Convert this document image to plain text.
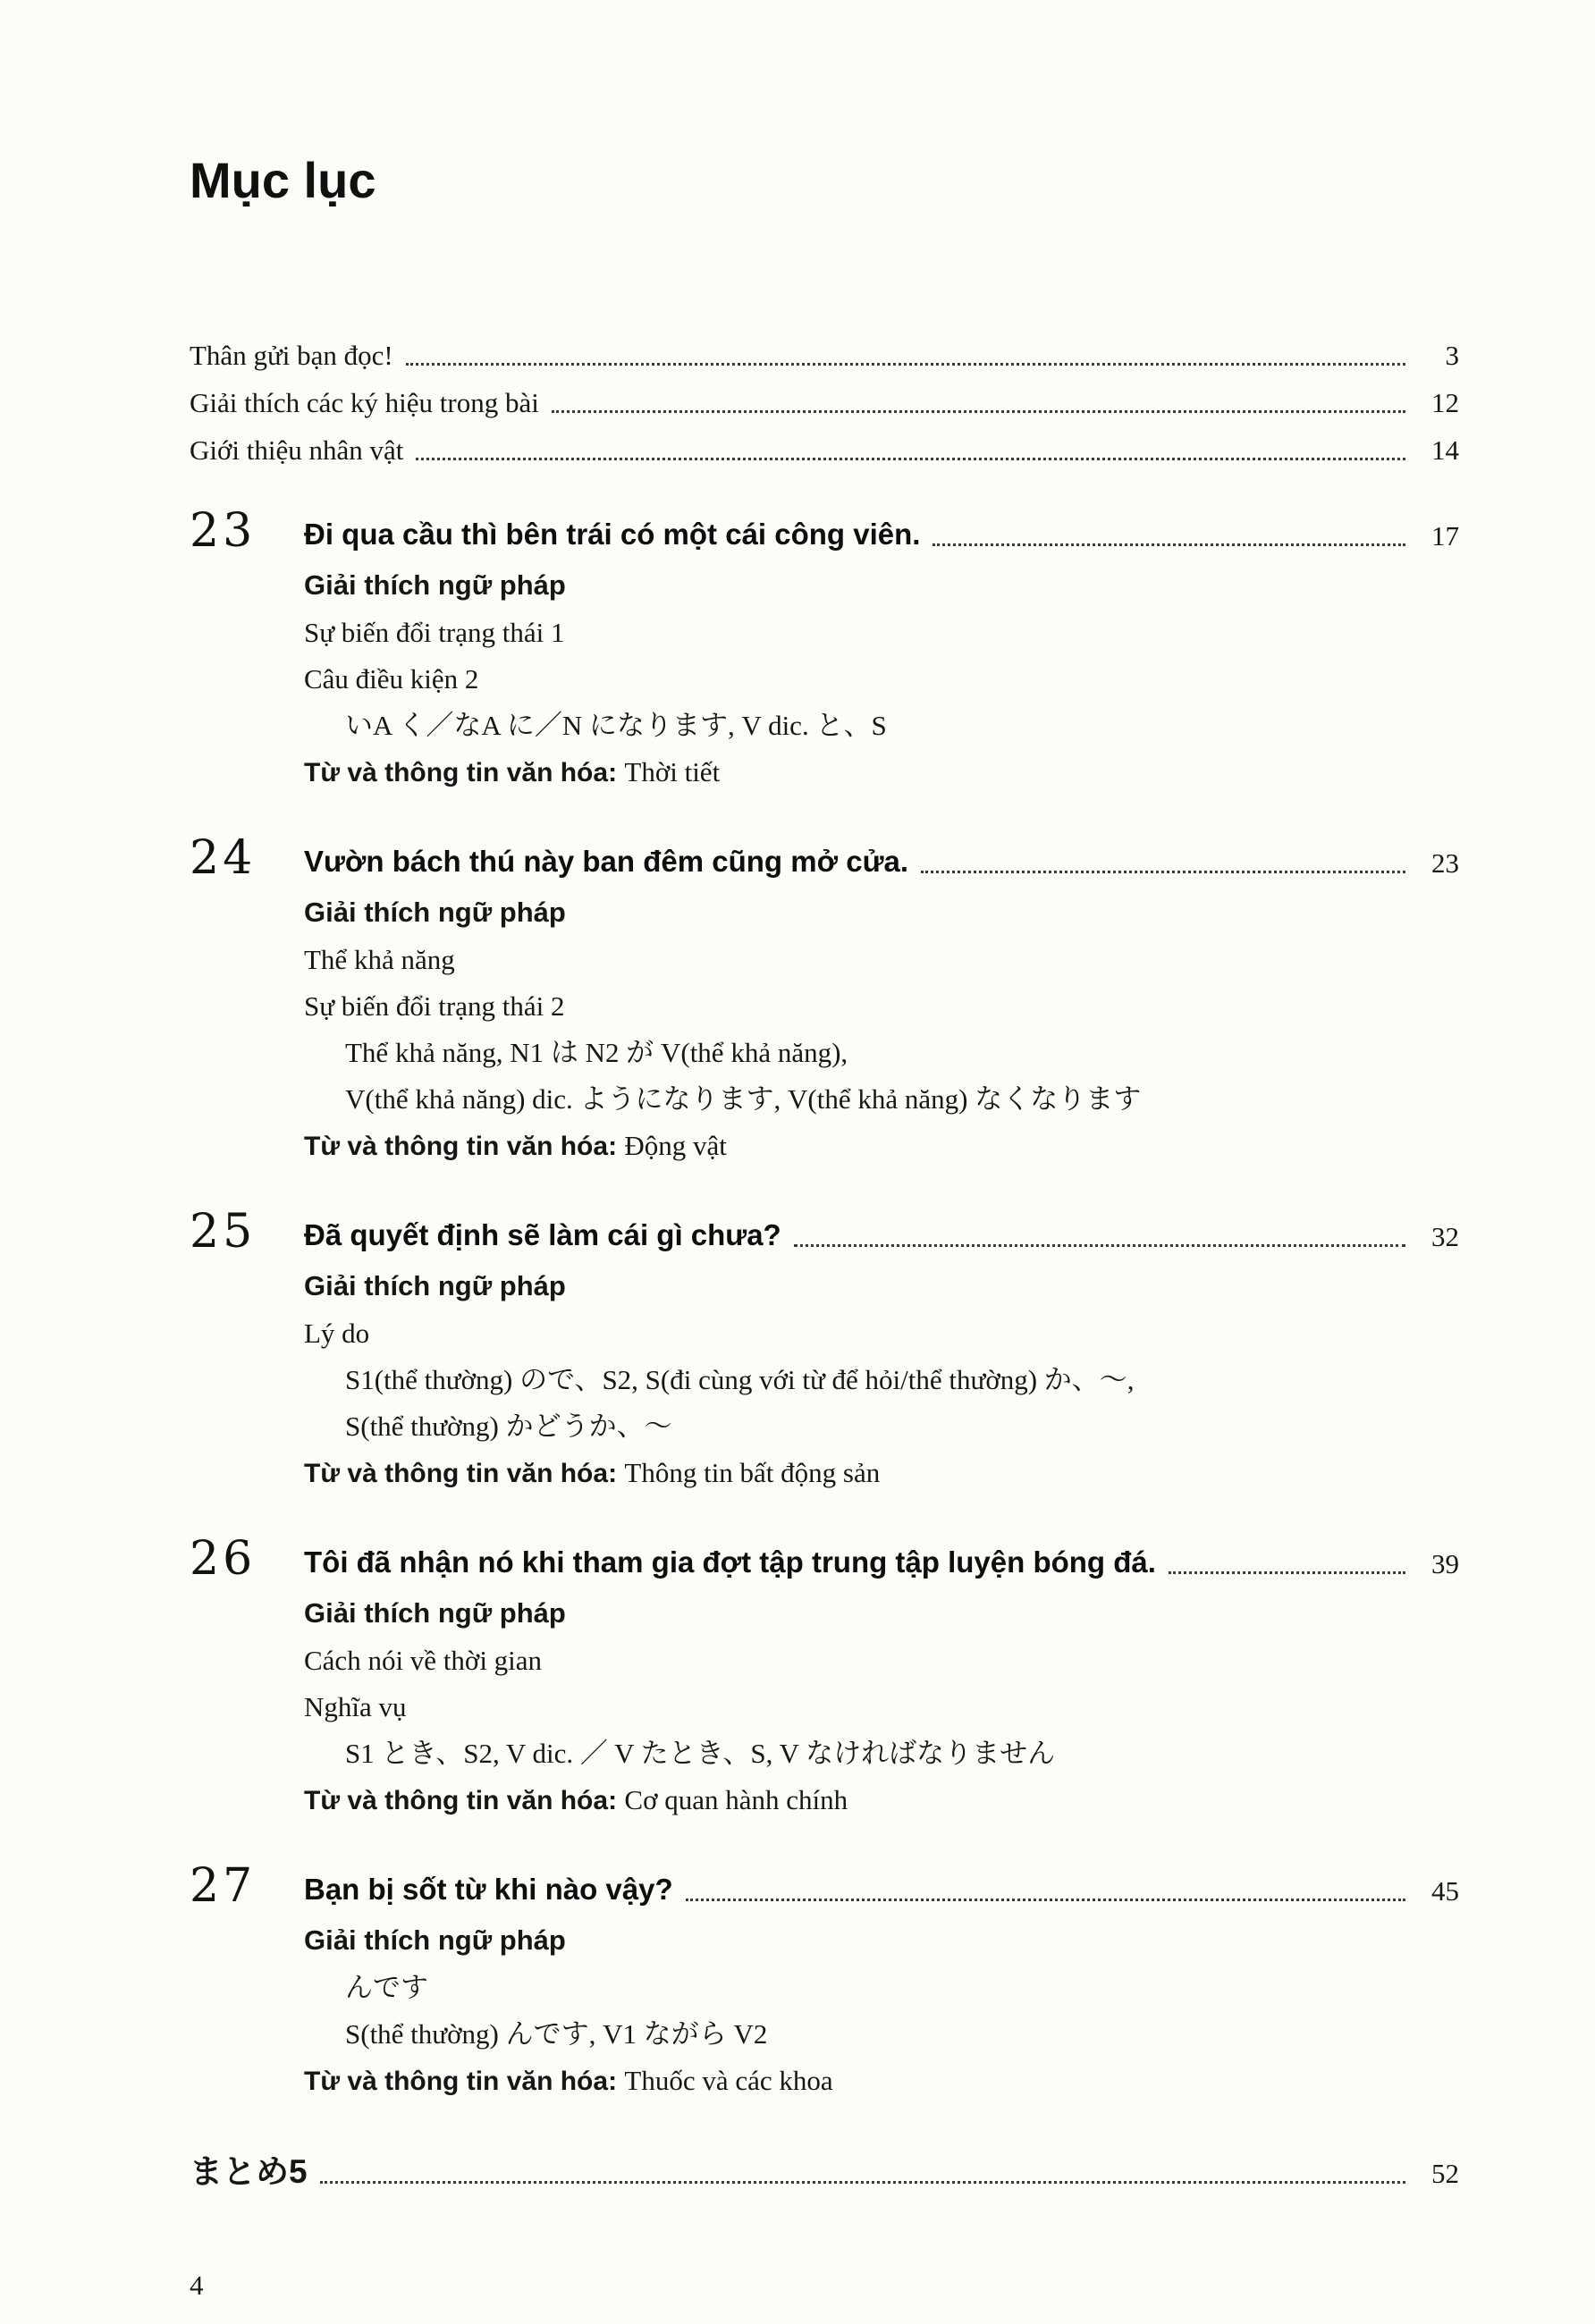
Mục lục
Thân gửi bạn đọc!	3
Giải thích các ký hiệu trong bài	12
Giới thiệu nhân vật	14
23	Đi qua cầu thì bên trái có một cái công viên.	17
Giải thích ngữ pháp
Sự biến đổi trạng thái 1
Câu điều kiện 2
いA く／なA に／N になります, V dic. と、S
Từ và thông tin văn hóa: Thời tiết
24	Vườn bách thú này ban đêm cũng mở cửa.	23
Giải thích ngữ pháp
Thể khả năng
Sự biến đổi trạng thái 2
Thể khả năng, N1 は N2 が V(thể khả năng),
V(thể khả năng) dic. ようになります, V(thể khả năng) なくなります
Từ và thông tin văn hóa: Động vật
25	Đã quyết định sẽ làm cái gì chưa?	32
Giải thích ngữ pháp
Lý do
S1(thể thường) ので、S2, S(đi cùng với từ để hỏi/thể thường) か、～,
S(thể thường) かどうか、～
Từ và thông tin văn hóa: Thông tin bất động sản
26	Tôi đã nhận nó khi tham gia đợt tập trung tập luyện bóng đá.	39
Giải thích ngữ pháp
Cách nói về thời gian
Nghĩa vụ
S1 とき、S2, V dic. ／ V たとき、S, V なければなりません
Từ và thông tin văn hóa: Cơ quan hành chính
27	Bạn bị sốt từ khi nào vậy?	45
Giải thích ngữ pháp
んです
S(thể thường) んです, V1 ながら V2
Từ và thông tin văn hóa: Thuốc và các khoa
まとめ5	52
4
